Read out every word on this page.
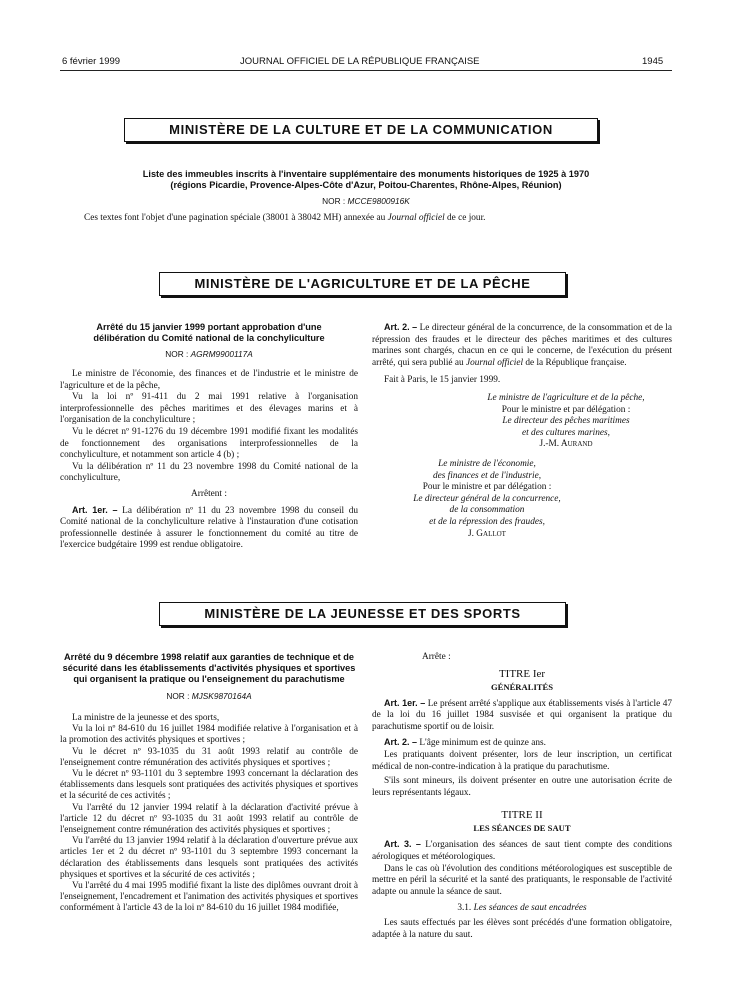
6 février 1999	JOURNAL OFFICIEL DE LA RÉPUBLIQUE FRANÇAISE	1945
MINISTÈRE DE LA CULTURE ET DE LA COMMUNICATION
Liste des immeubles inscrits à l'inventaire supplémentaire des monuments historiques de 1925 à 1970
(régions Picardie, Provence-Alpes-Côte d'Azur, Poitou-Charentes, Rhône-Alpes, Réunion)
NOR : MCCE9800916K
Ces textes font l'objet d'une pagination spéciale (38001 à 38042 MH) annexée au Journal officiel de ce jour.
MINISTÈRE DE L'AGRICULTURE ET DE LA PÊCHE
Arrêté du 15 janvier 1999 portant approbation d'une délibération du Comité national de la conchyliculture
NOR : AGRM9900117A

Le ministre de l'économie, des finances et de l'industrie et le ministre de l'agriculture et de la pêche,

Vu la loi nº 91-411 du 2 mai 1991 relative à l'organisation interprofessionnelle des pêches maritimes et des élevages marins et à l'organisation de la conchyliculture ;

Vu le décret nº 91-1276 du 19 décembre 1991 modifié fixant les modalités de fonctionnement des organisations interprofessionnelles de la conchyliculture, et notamment son article 4 (b) ;

Vu la délibération nº 11 du 23 novembre 1998 du Comité national de la conchyliculture,

Arrêtent :

Art. 1er. – La délibération nº 11 du 23 novembre 1998 du conseil du Comité national de la conchyliculture relative à l'instauration d'une cotisation professionnelle destinée à assurer le fonctionnement du comité au titre de l'exercice budgétaire 1999 est rendue obligatoire.

Art. 2. – Le directeur général de la concurrence, de la consommation et de la répression des fraudes et le directeur des pêches maritimes et des cultures marines sont chargés, chacun en ce qui le concerne, de l'exécution du présent arrêté, qui sera publié au Journal officiel de la République française.

Fait à Paris, le 15 janvier 1999.

Le ministre de l'agriculture et de la pêche,
Pour le ministre et par délégation :
Le directeur des pêches maritimes
et des cultures marines,
J.-M. Aurand
Le ministre de l'économie,
des finances et de l'industrie,
Pour le ministre et par délégation :
Le directeur général de la concurrence,
de la consommation
et de la répression des fraudes,
J. Gallot
MINISTÈRE DE LA JEUNESSE ET DES SPORTS
Arrêté du 9 décembre 1998 relatif aux garanties de technique et de sécurité dans les établissements d'activités physiques et sportives qui organisent la pratique ou l'enseignement du parachutisme
NOR : MJSK9870164A

La ministre de la jeunesse et des sports,

Vu la loi nº 84-610 du 16 juillet 1984 modifiée relative à l'organisation et à la promotion des activités physiques et sportives ;

Vu le décret nº 93-1035 du 31 août 1993 relatif au contrôle de l'enseignement contre rémunération des activités physiques et sportives ;

Vu le décret nº 93-1101 du 3 septembre 1993 concernant la déclaration des établissements dans lesquels sont pratiquées des activités physiques et sportives et la sécurité de ces activités ;

Vu l'arrêté du 12 janvier 1994 relatif à la déclaration d'activité prévue à l'article 12 du décret nº 93-1035 du 31 août 1993 relatif au contrôle de l'enseignement contre rémunération des activités physiques et sportives ;

Vu l'arrêté du 13 janvier 1994 relatif à la déclaration d'ouverture prévue aux articles 1er et 2 du décret nº 93-1101 du 3 septembre 1993 concernant la déclaration des établissements dans lesquels sont pratiquées des activités physiques et sportives et la sécurité de ces activités ;

Vu l'arrêté du 4 mai 1995 modifié fixant la liste des diplômes ouvrant droit à l'enseignement, l'encadrement et l'animation des activités physiques et sportives conformément à l'article 43 de la loi nº 84-610 du 16 juillet 1984 modifiée,

Arrête :
TITRE Ier
GÉNÉRALITÉS

Art. 1er. – Le présent arrêté s'applique aux établissements visés à l'article 47 de la loi du 16 juillet 1984 susvisée et qui organisent la pratique du parachutisme sportif ou de loisir.

Art. 2. – L'âge minimum est de quinze ans.

Les pratiquants doivent présenter, lors de leur inscription, un certificat médical de non-contre-indication à la pratique du parachutisme.

S'ils sont mineurs, ils doivent présenter en outre une autorisation écrite de leurs représentants légaux.

TITRE II
LES SÉANCES DE SAUT

Art. 3. – L'organisation des séances de saut tient compte des conditions aérologiques et météorologiques.

Dans le cas où l'évolution des conditions météorologiques est susceptible de mettre en péril la sécurité et la santé des pratiquants, le responsable de l'activité adapte ou annule la séance de saut.

3.1. Les séances de saut encadrées

Les sauts effectués par les élèves sont précédés d'une formation obligatoire, adaptée à la nature du saut.
